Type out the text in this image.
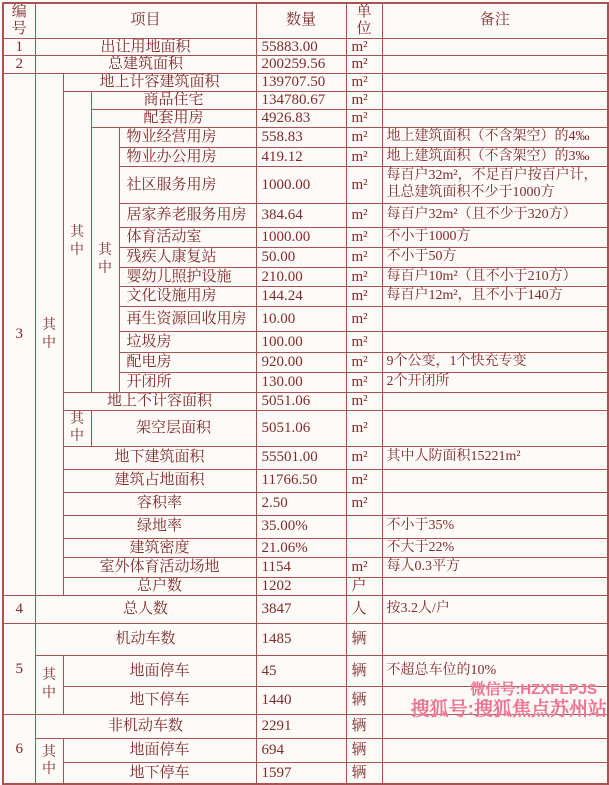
编号	项目				数量	单位	备注
1	出让用地面积				55883.00	m²	
2	总建筑面积				200259.56	m²	
3	其中	地上计容建筑面积			139707.50	m²	
		其中	商品住宅		134780.67	m²	
			配套用房		4926.83	m²	
			其中	物业经营用房	558.83	m²	地上建筑面积（不含架空）的4‰
				物业办公用房	419.12	m²	地上建筑面积（不含架空）的3‰
				社区服务用房	1000.00	m²	每百户32m²，不足百户按百户计，且总建筑面积不少于1000方
				居家养老服务用房	384.64	m²	每百户32m²（且不少于320方）
				体育活动室	1000.00	m²	不小于1000方
				残疾人康复站	50.00	m²	不小于50方
				婴幼儿照护设施	210.00	m²	每百户10m²（且不小于210方）
				文化设施用房	144.24	m²	每百户12m²，且不小于140方
				再生资源回收用房	10.00	m²	
				垃圾房	100.00	m²	
				配电房	920.00	m²	9个公变，1个快充专变
				开闭所	130.00	m²	2个开闭所
		地上不计容面积			5051.06	m²	
		其中	架空层面积		5051.06	m²	
		地下建筑面积			55501.00	m²	其中人防面积15221m²
		建筑占地面积			11766.50	m²	
		容积率			2.50	m²	
		绿地率			35.00%		不小于35%
		建筑密度			21.06%		不大于22%
		室外体育活动场地			1154	m²	每人0.3平方
		总户数			1202	户	
4	总人数				3847	人	按3.2人/户
5	机动车数				1485	辆	
	其中	地面停车			45	辆	不超总车位的10%
		地下停车			1440	辆	
6	非机动车数				2291	辆	
	其中	地面停车			694	辆	
		地下停车			1597	辆	
微信号:HZXFLPJS
搜狐号:搜狐焦点苏州站
